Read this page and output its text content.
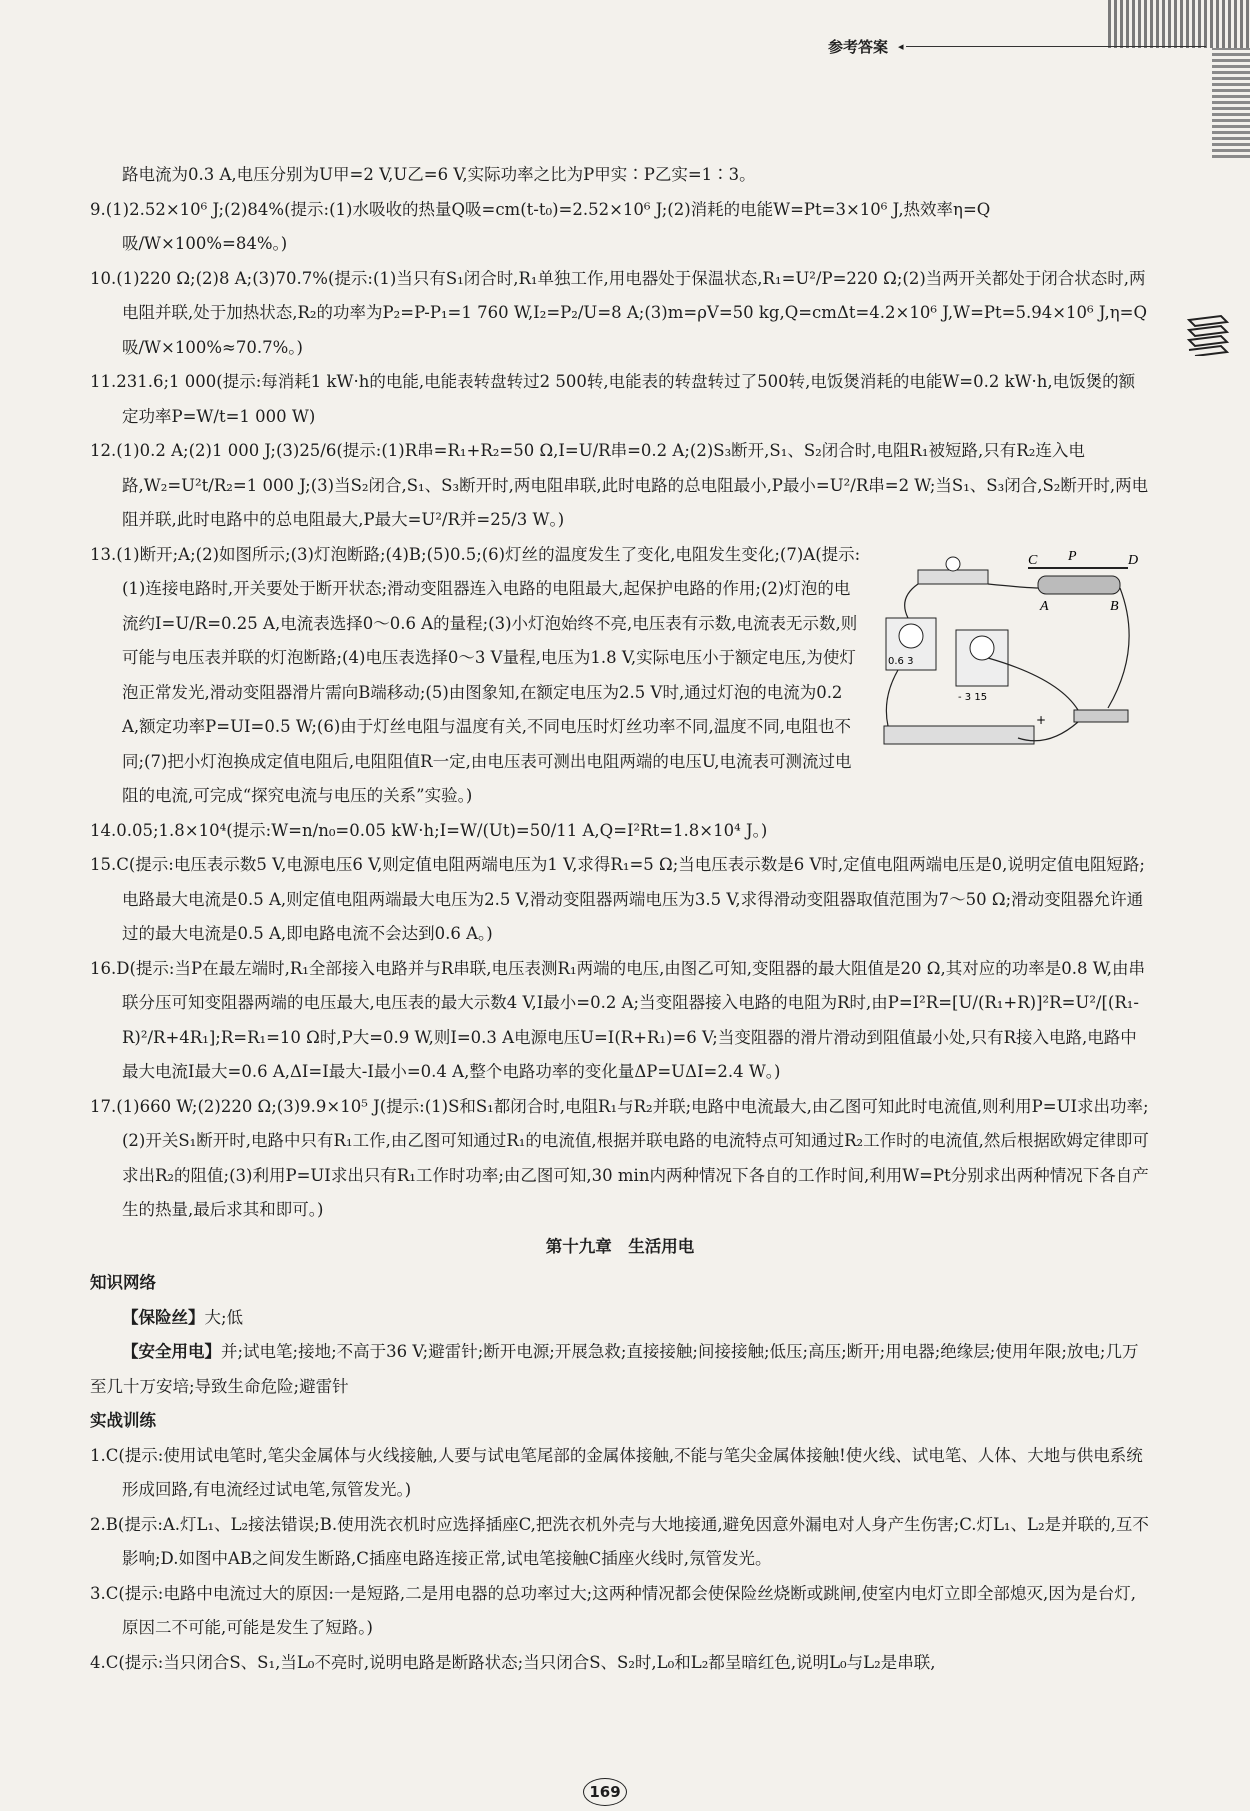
参考答案 ◂

路电流为0.3 A,电压分别为U甲=2 V,U乙=6 V,实际功率之比为P甲实∶P乙实=1∶3。

9.(1)2.52×10⁶ J;(2)84%(提示:(1)水吸收的热量Q吸=cm(t-t₀)=2.52×10⁶ J;(2)消耗的电能W=Pt=3×10⁶ J,热效率η=Q吸/W×100%=84%。)

10.(1)220 Ω;(2)8 A;(3)70.7%(提示:(1)当只有S₁闭合时,R₁单独工作,用电器处于保温状态,R₁=U²/P=220 Ω;(2)当两开关都处于闭合状态时,两电阻并联,处于加热状态,R₂的功率为P₂=P-P₁=1 760 W,I₂=P₂/U=8 A;(3)m=ρV=50 kg,Q=cmΔt=4.2×10⁶ J,W=Pt=5.94×10⁶ J,η=Q吸/W×100%≈70.7%。)

11.231.6;1 000(提示:每消耗1 kW·h的电能,电能表转盘转过2 500转,电能表的转盘转过了500转,电饭煲消耗的电能W=0.2 kW·h,电饭煲的额定功率P=W/t=1 000 W)

12.(1)0.2 A;(2)1 000 J;(3)25/6(提示:(1)R串=R₁+R₂=50 Ω,I=U/R串=0.2 A;(2)S₃断开,S₁、S₂闭合时,电阻R₁被短路,只有R₂连入电路,W₂=U²t/R₂=1 000 J;(3)当S₂闭合,S₁、S₃断开时,两电阻串联,此时电路的总电阻最小,P最小=U²/R串=2 W;当S₁、S₃闭合,S₂断开时,两电阻并联,此时电路中的总电阻最大,P最大=U²/R并=25/3 W。)

C P	D
A	B
0.6 3
- 3 15
+
13.(1)断开;A;(2)如图所示;(3)灯泡断路;(4)B;(5)0.5;(6)灯丝的温度发生了变化,电阻发生变化;(7)A(提示:(1)连接电路时,开关要处于断开状态;滑动变阻器连入电路的电阻最大,起保护电路的作用;(2)灯泡的电流约I=U/R=0.25 A,电流表选择0～0.6 A的量程;(3)小灯泡始终不亮,电压表有示数,电流表无示数,则可能与电压表并联的灯泡断路;(4)电压表选择0～3 V量程,电压为1.8 V,实际电压小于额定电压,为使灯泡正常发光,滑动变阻器滑片需向B端移动;(5)由图象知,在额定电压为2.5 V时,通过灯泡的电流为0.2 A,额定功率P=UI=0.5 W;(6)由于灯丝电阻与温度有关,不同电压时灯丝功率不同,温度不同,电阻也不同;(7)把小灯泡换成定值电阻后,电阻阻值R一定,由电压表可测出电阻两端的电压U,电流表可测流过电阻的电流,可完成“探究电流与电压的关系”实验。)

14.0.05;1.8×10⁴(提示:W=n/n₀=0.05 kW·h;I=W/(Ut)=50/11 A,Q=I²Rt=1.8×10⁴ J。)

15.C(提示:电压表示数5 V,电源电压6 V,则定值电阻两端电压为1 V,求得R₁=5 Ω;当电压表示数是6 V时,定值电阻两端电压是0,说明定值电阻短路;电路最大电流是0.5 A,则定值电阻两端最大电压为2.5 V,滑动变阻器两端电压为3.5 V,求得滑动变阻器取值范围为7～50 Ω;滑动变阻器允许通过的最大电流是0.5 A,即电路电流不会达到0.6 A。)

16.D(提示:当P在最左端时,R₁全部接入电路并与R串联,电压表测R₁两端的电压,由图乙可知,变阻器的最大阻值是20 Ω,其对应的功率是0.8 W,由串联分压可知变阻器两端的电压最大,电压表的最大示数4 V,I最小=0.2 A;当变阻器接入电路的电阻为R时,由P=I²R=[U/(R₁+R)]²R=U²/[(R₁-R)²/R+4R₁];R=R₁=10 Ω时,P大=0.9 W,则I=0.3 A电源电压U=I(R+R₁)=6 V;当变阻器的滑片滑动到阻值最小处,只有R接入电路,电路中最大电流I最大=0.6 A,ΔI=I最大-I最小=0.4 A,整个电路功率的变化量ΔP=UΔI=2.4 W。)

17.(1)660 W;(2)220 Ω;(3)9.9×10⁵ J(提示:(1)S和S₁都闭合时,电阻R₁与R₂并联;电路中电流最大,由乙图可知此时电流值,则利用P=UI求出功率;(2)开关S₁断开时,电路中只有R₁工作,由乙图可知通过R₁的电流值,根据并联电路的电流特点可知通过R₂工作时的电流值,然后根据欧姆定律即可求出R₂的阻值;(3)利用P=UI求出只有R₁工作时功率;由乙图可知,30 min内两种情况下各自的工作时间,利用W=Pt分别求出两种情况下各自产生的热量,最后求其和即可。)

第十九章　生活用电

知识网络

【保险丝】大;低

【安全用电】并;试电笔;接地;不高于36 V;避雷针;断开电源;开展急救;直接接触;间接接触;低压;高压;断开;用电器;绝缘层;使用年限;放电;几万至几十万安培;导致生命危险;避雷针

实战训练

1.C(提示:使用试电笔时,笔尖金属体与火线接触,人要与试电笔尾部的金属体接触,不能与笔尖金属体接触!使火线、试电笔、人体、大地与供电系统形成回路,有电流经过试电笔,氖管发光。)

2.B(提示:A.灯L₁、L₂接法错误;B.使用洗衣机时应选择插座C,把洗衣机外壳与大地接通,避免因意外漏电对人身产生伤害;C.灯L₁、L₂是并联的,互不影响;D.如图中AB之间发生断路,C插座电路连接正常,试电笔接触C插座火线时,氖管发光。

3.C(提示:电路中电流过大的原因:一是短路,二是用电器的总功率过大;这两种情况都会使保险丝烧断或跳闸,使室内电灯立即全部熄灭,因为是台灯,原因二不可能,可能是发生了短路。)

4.C(提示:当只闭合S、S₁,当L₀不亮时,说明电路是断路状态;当只闭合S、S₂时,L₀和L₂都呈暗红色,说明L₀与L₂是串联,

169
